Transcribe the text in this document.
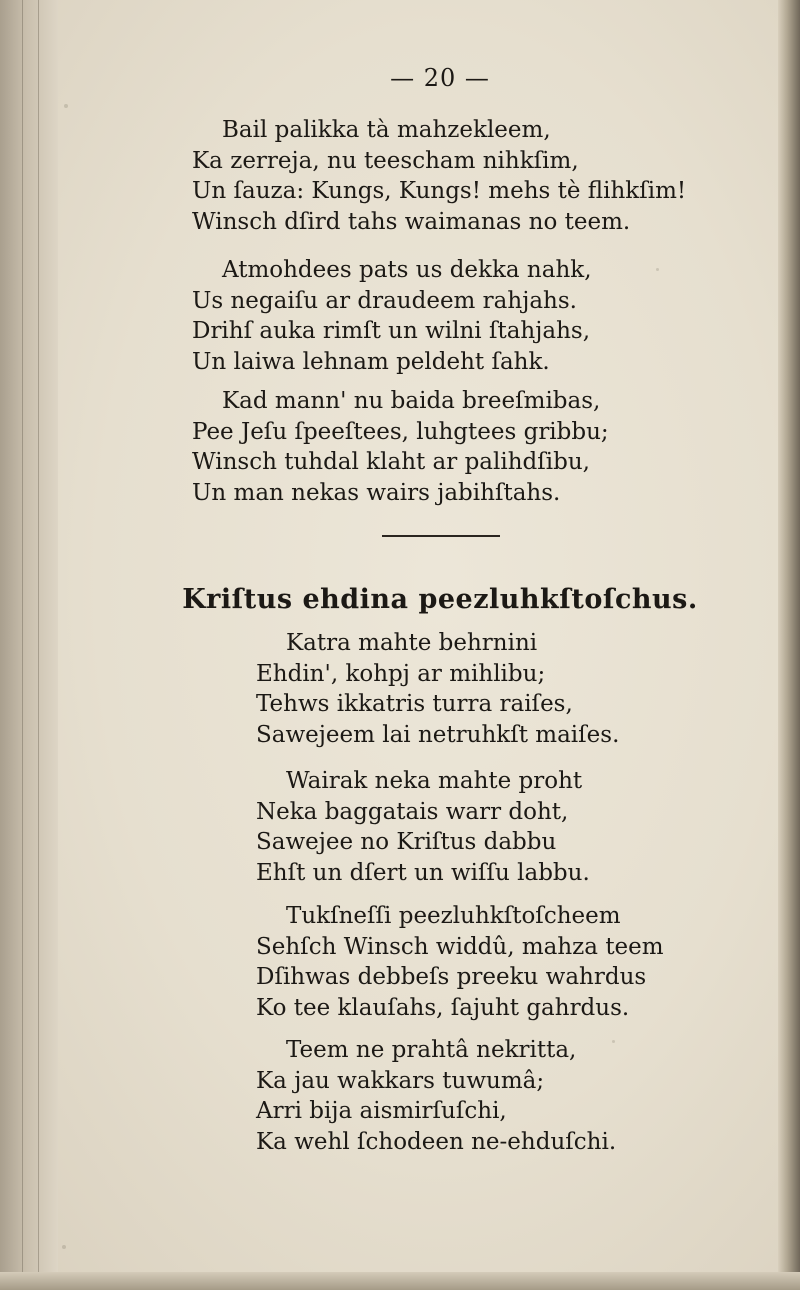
— 20 —
Bail palikka tà mahzekleem,
Ka zerreja, nu teescham nihkſim,
Un ſauza: Kungs, Kungs! mehs tè flihkſim!
Winsch dſird tahs waimanas no teem.
Atmohdees pats us dekka nahk,
Us negaiſu ar draudeem rahjahs.
Drihſ auka rimſt un wilni ſtahjahs,
Un laiwa lehnam peldeht ſahk.
Kad mann' nu baida breeſmibas,
Pee Jeſu ſpeeſtees, luhgtees gribbu;
Winsch tuhdal klaht ar palihdſibu,
Un man nekas wairs jabihſtahs.
Kriſtus ehdina peezluhkſtoſchus.
Katra mahte behrnini
Ehdin', kohpj ar mihlibu;
Tehws ikkatris turra raiſes,
Sawejeem lai netruhkſt maiſes.
Wairak neka mahte proht
Neka baggatais warr doht,
Sawejee no Kriſtus dabbu
Ehſt un dſert un wiſſu labbu.
Tukſneſſi peezluhkſtoſcheem
Sehſch Winsch widdû, mahza teem
Dſihwas debbeſs preeku wahrdus
Ko tee klauſahs, ſajuht gahrdus.
Teem ne prahtâ nekritta,
Ka jau wakkars tuwumâ;
Arri bija aismirſuſchi,
Ka wehl ſchodeen ne-ehduſchi.
